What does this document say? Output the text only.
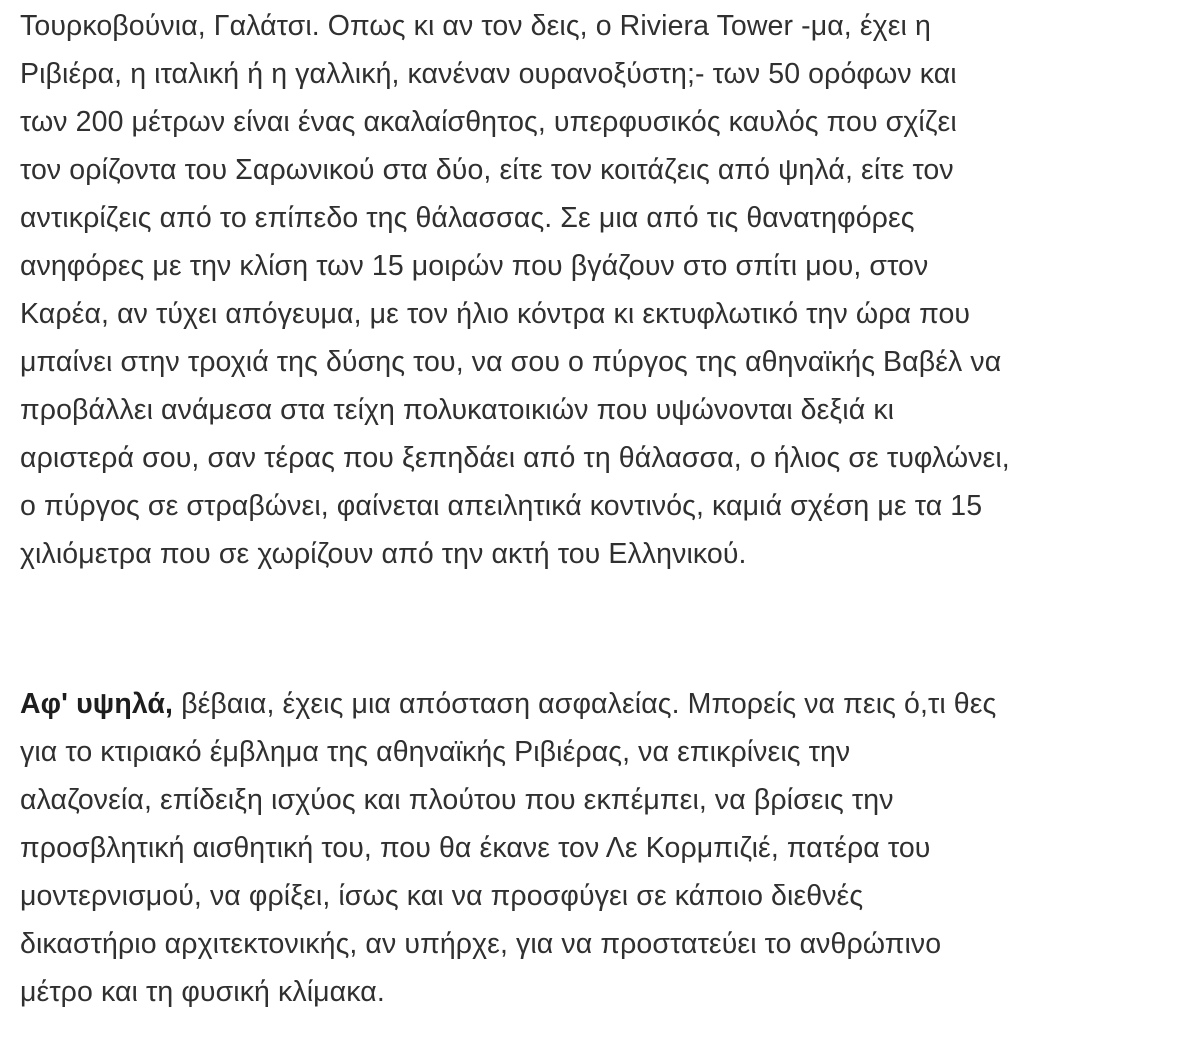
Τουρκοβούνια, Γαλάτσι. Οπως κι αν τον δεις, ο Riviera Tower -μα, έχει η
Ριβιέρα, η ιταλική ή η γαλλική, κανέναν ουρανοξύστη;- των 50 ορόφων και
των 200 μέτρων είναι ένας ακαλαίσθητος, υπερφυσικός καυλός που σχίζει
τον ορίζοντα του Σαρωνικού στα δύο, είτε τον κοιτάζεις από ψηλά, είτε τον
αντικρίζεις από το επίπεδο της θάλασσας. Σε μια από τις θανατηφόρες
ανηφόρες με την κλίση των 15 μοιρών που βγάζουν στο σπίτι μου, στον
Καρέα, αν τύχει απόγευμα, με τον ήλιο κόντρα κι εκτυφλωτικό την ώρα που
μπαίνει στην τροχιά της δύσης του, να σου ο πύργος της αθηναϊκής Βαβέλ να
προβάλλει ανάμεσα στα τείχη πολυκατοικιών που υψώνονται δεξιά κι
αριστερά σου, σαν τέρας που ξεπηδάει από τη θάλασσα, ο ήλιος σε τυφλώνει,
ο πύργος σε στραβώνει, φαίνεται απειλητικά κοντινός, καμιά σχέση με τα 15
χιλιόμετρα που σε χωρίζουν από την ακτή του Ελληνικού.
Αφ' υψηλά, βέβαια, έχεις μια απόσταση ασφαλείας. Μπορείς να πεις ό,τι θες
για το κτιριακό έμβλημα της αθηναϊκής Ριβιέρας, να επικρίνεις την
αλαζονεία, επίδειξη ισχύος και πλούτου που εκπέμπει, να βρίσεις την
προσβλητική αισθητική του, που θα έκανε τον Λε Κορμπιζιέ, πατέρα του
μοντερνισμού, να φρίξει, ίσως και να προσφύγει σε κάποιο διεθνές
δικαστήριο αρχιτεκτονικής, αν υπήρχε, για να προστατεύει το ανθρώπινο
μέτρο και τη φυσική κλίμακα.
